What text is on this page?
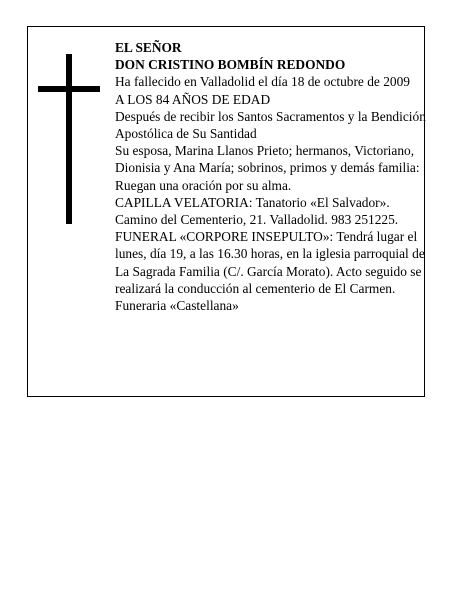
EL SEÑOR

DON CRISTINO BOMBÍN REDONDO

Ha fallecido en Valladolid el día 18 de octubre de 2009

A LOS 84 AÑOS DE EDAD

Después de recibir los Santos Sacramentos y la Bendición Apostólica de Su Santidad

Su esposa, Marina Llanos Prieto; hermanos, Victoriano, Dionisia y Ana María; sobrinos, primos y demás familia:

Ruegan una oración por su alma.

CAPILLA VELATORIA: Tanatorio «El Salvador». Camino del Cementerio, 21. Valladolid. 983 251225.

FUNERAL «CORPORE INSEPULTO»: Tendrá lugar el lunes, día 19, a las 16.30 horas, en la iglesia parroquial de La Sagrada Familia (C/. García Morato). Acto seguido se realizará la conducción al cementerio de El Carmen.

Funeraria «Castellana»
